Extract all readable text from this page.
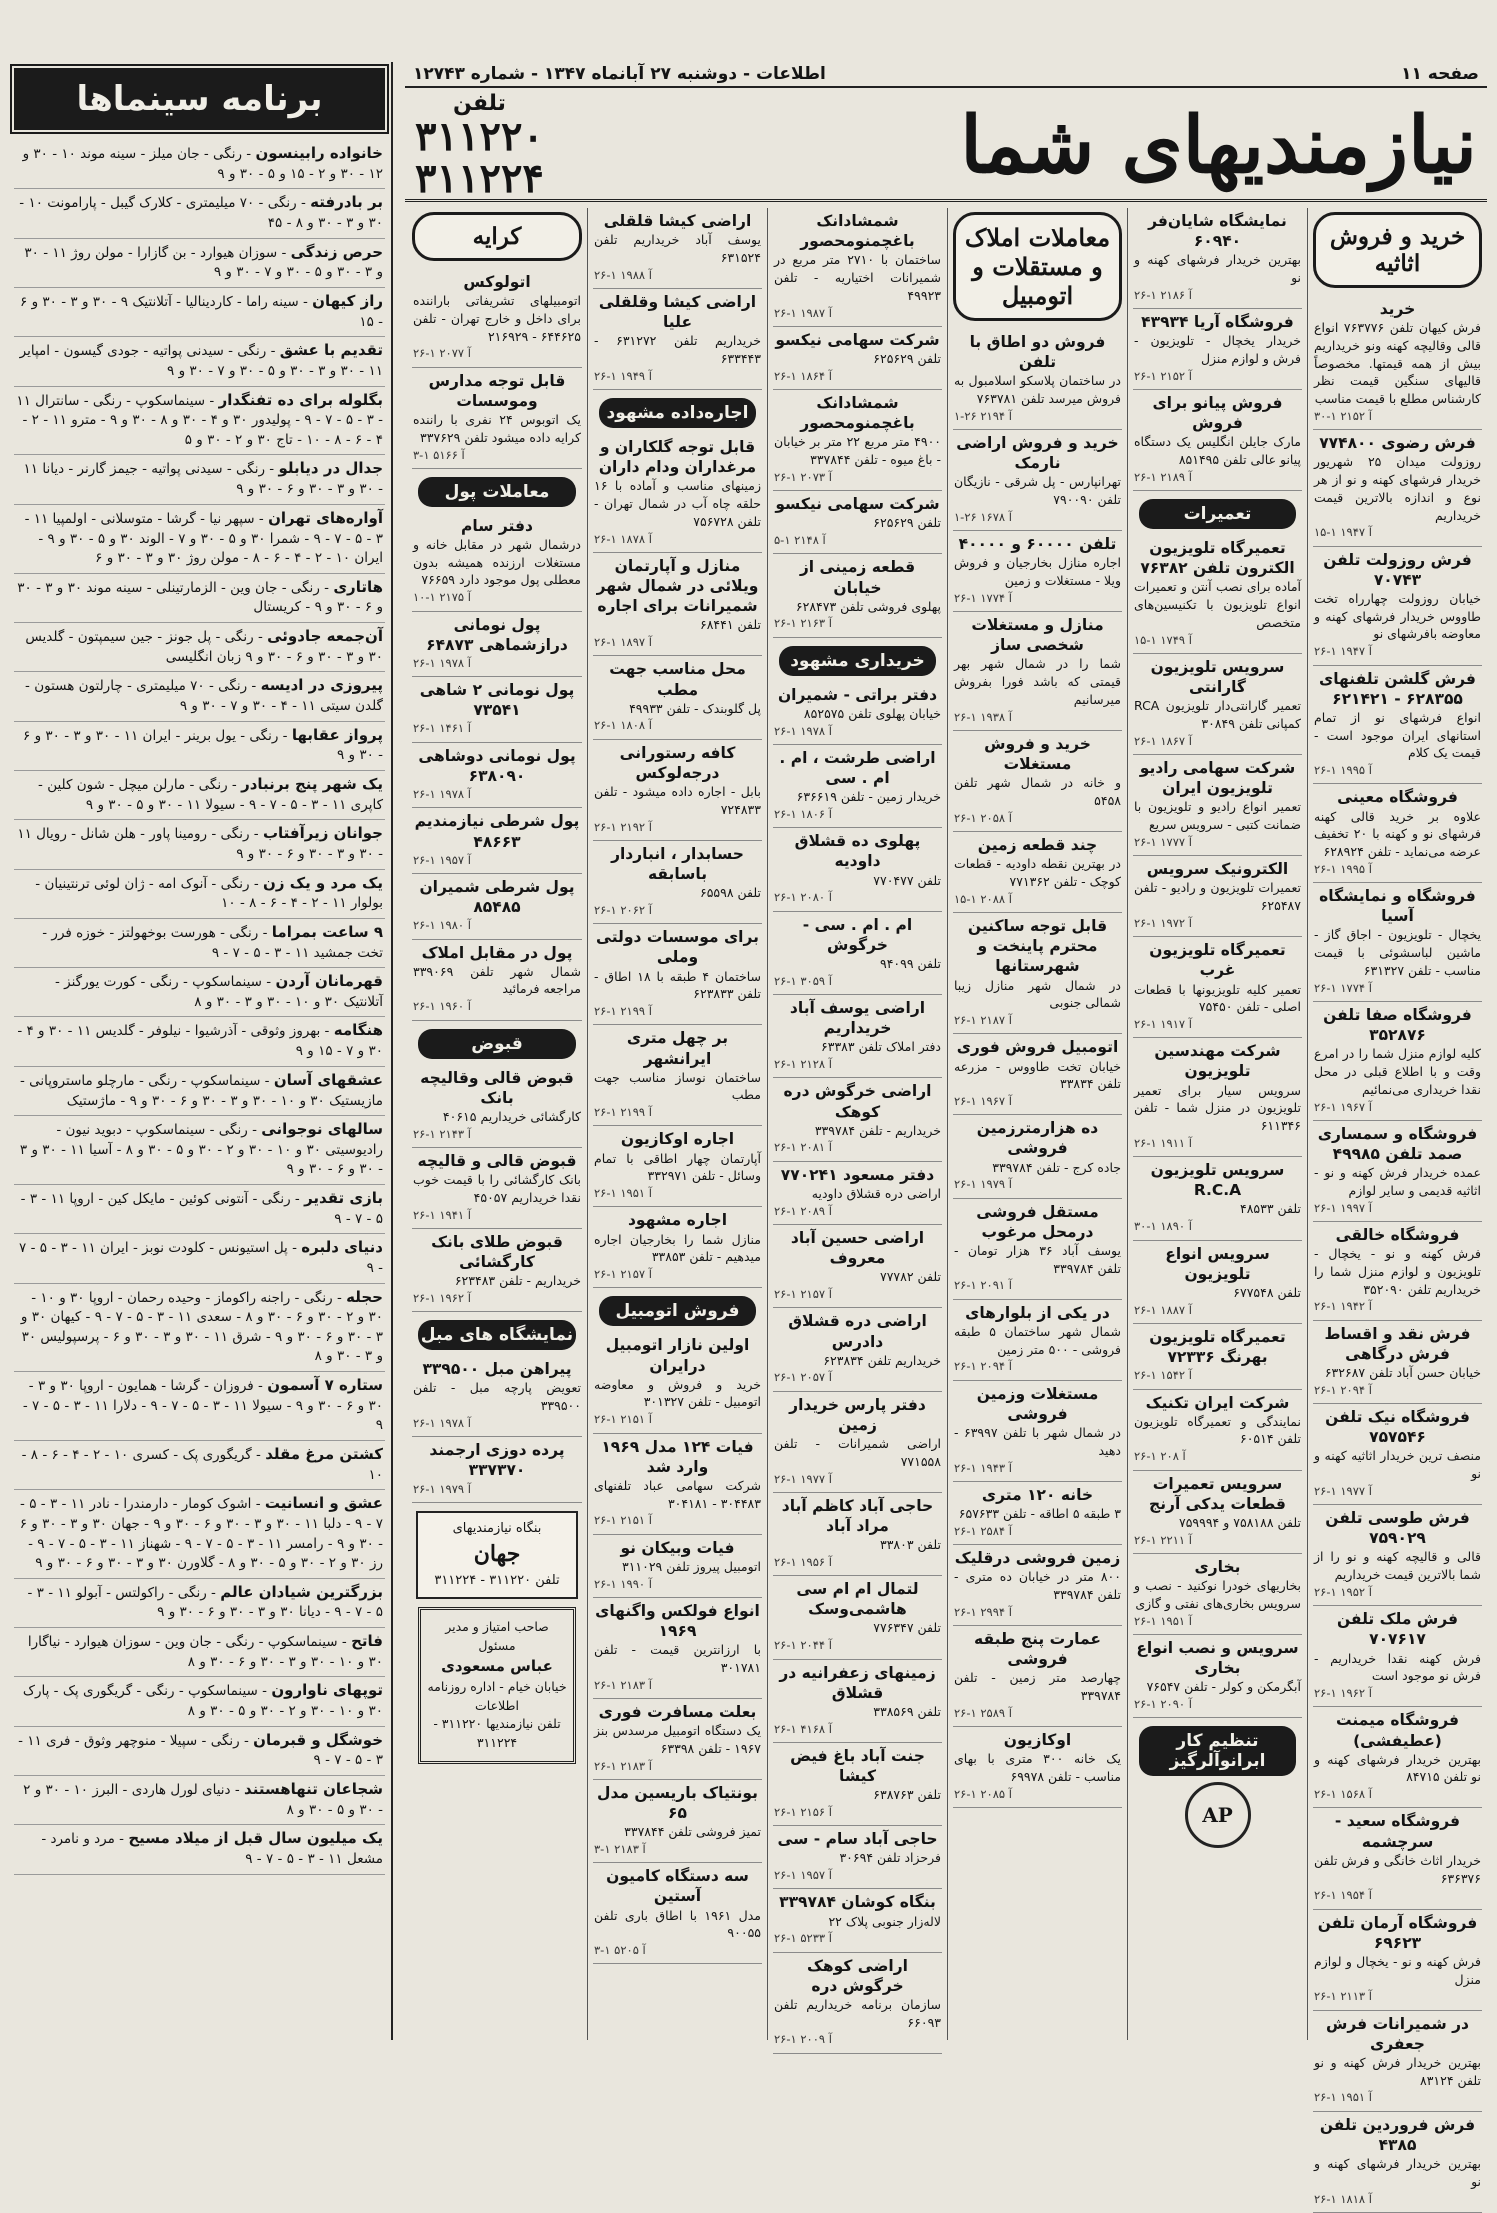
صفحه ۱۱
اطلاعات - دوشنبه ۲۷ آبانماه ۱۳۴۷ - شماره ۱۲۷۴۳
نیازمندیهای شما
تلفن
۳۱۱۲۲۰
۳۱۱۲۲۴
خرید و فروش اثاثیه
خرید
فرش کیهان تلفن ۷۶۳۷۷۶ انواع قالی وقالیچه کهنه ونو خریداریم بیش از همه قیمتها. مخصوصاً قالیهای سنگین قیمت نظر کارشناس مطلع با قیمت مناسب
۳۰-۱ آ ۲۱۵۲
فرش رضوی ۷۷۴۸۰۰
روزولت میدان ۲۵ شهریور خریدار فرشهای کهنه و نو از هر نوع و اندازه بالاترین قیمت خریداریم
۱۵-۱ آ ۱۹۴۷
فرش روزولت تلفن ۷۰۷۴۳
خیابان روزولت چهارراه تخت طاووس خریدار فرشهای کهنه و معاوضه بافرشهای نو
۲۶-۱ آ ۱۹۴۷
فرش گلشن تلفنهای ۶۲۸۳۵۵ - ۶۲۱۴۲۱
انواع فرشهای نو از تمام استانهای ایران موجود است - قیمت یک کلام
۲۶-۱ آ ۱۹۹۵
فروشگاه معینی
علاوه بر خرید قالی کهنه فرشهای نو و کهنه با ۲۰ تخفیف عرضه می‌نماید - تلفن ۶۲۸۹۲۴
۲۶-۱ آ ۱۹۹۵
فروشگاه و نمایشگاه آسیا
یخچال - تلویزیون - اجاق گاز - ماشین لباسشوئی با قیمت مناسب - تلفن ۶۳۱۳۲۷
۲۶-۱ آ ۱۷۷۴
فروشگاه صفا تلفن ۳۵۲۸۷۶
کلیه لوازم منزل شما را در امرع وقت و با اطلاع قبلی در محل نقدا خریداری می‌نمائیم
۲۶-۱ آ ۱۹۶۷
فروشگاه و سمساری صمد تلفن ۴۹۹۸۵
عمده خریدار فرش کهنه و نو - اثاثیه قدیمی و سایر لوازم
۲۶-۱ آ ۱۹۹۷
فروشگاه خالقی
فرش کهنه و نو - یخچال - تلویزیون و لوازم منزل شما را خریداریم تلفن ۳۵۲۰۹۰
۲۶-۱ آ ۱۹۴۲
فرش نقد و اقساط فرش درگاهی
خیابان حسن آباد تلفن ۶۳۲۶۸۷
۲۶-۱ آ ۲۰۹۴
فروشگاه نیک تلفن ۷۵۷۵۴۶
منصف ترین خریدار اثاثیه کهنه و نو
۲۶-۱ آ ۱۹۷۷
فرش طوسی تلفن ۷۵۹۰۲۹
قالی و قالیچه کهنه و نو را از شما بالاترین قیمت خریداریم
۲۶-۱ آ ۱۹۵۲
فرش ملک تلفن ۷۰۷۶۱۷
فرش کهنه نقدا خریداریم - فرش نو موجود است
۲۶-۱ آ ۱۹۶۲
فروشگاه میمنت (عطیفشی)
بهترین خریدار فرشهای کهنه و نو تلفن ۸۴۷۱۵
۲۶-۱ آ ۱۵۶۸
فروشگاه سعید - سرچشمه
خریدار اثاث خانگی و فرش تلفن ۶۳۶۳۷۶
۲۶-۱ آ ۱۹۵۴
فروشگاه آرمان تلفن ۶۹۶۲۳
فرش کهنه و نو - یخچال و لوازم منزل
۲۶-۱ آ ۲۱۱۳
در شمیرانات فرش جعفری
بهترین خریدار فرش کهنه و نو تلفن ۸۳۱۲۴
۲۶-۱ آ ۱۹۵۱
فرش فروردین تلفن ۴۳۸۵
بهترین خریدار فرشهای کهنه و نو
۲۶-۱ آ ۱۸۱۸
نمایشگاه شایان‌فر ۶۰۹۴۰
بهترین خریدار فرشهای کهنه و نو
۲۶-۱ آ ۲۱۸۶
فروشگاه آریا ۴۳۹۳۴
خریدار یخچال - تلویزیون - فرش و لوازم منزل
۲۶-۱ آ ۲۱۵۲
فروش پیانو برای فروش
مارک جایلن انگلیس یک دستگاه پیانو عالی تلفن ۸۵۱۴۹۵
۲۶-۱ آ ۲۱۸۹
تعمیرات
تعمیرگاه تلویزیون الکترون تلفن ۷۶۳۸۲
آماده برای نصب آنتن و تعمیرات انواع تلویزیون با تکنیسین‌های متخصص
۱۵-۱ آ ۱۷۴۹
سرویس تلویزیون گارانتی
تعمیر گارانتی‌دار تلویزیون RCA کمپانی تلفن ۳۰۸۴۹
۲۶-۱ آ ۱۸۶۷
شرکت سهامی رادیو تلویزیون ایران
تعمیر انواع رادیو و تلویزیون با ضمانت کتبی - سرویس سریع
۲۶-۱ آ ۱۷۷۷
الکترونیک سرویس
تعمیرات تلویزیون و رادیو - تلفن ۶۲۵۴۸۷
۲۶-۱ آ ۱۹۷۲
تعمیرگاه تلویزیون غرب
تعمیر کلیه تلویزیونها با قطعات اصلی - تلفن ۷۵۴۵۰
۲۶-۱ آ ۱۹۱۷
شرکت مهندسین تلویزیون
سرویس سیار برای تعمیر تلویزیون در منزل شما - تلفن ۶۱۱۳۴۶
۲۶-۱ آ ۱۹۱۱
سرویس تلویزیون R.C.A
تلفن ۴۸۵۳۳
۳۰-۱ آ ۱۸۹۰
سرویس انواع تلویزیون
تلفن ۶۷۷۵۴۸
۲۶-۱ آ ۱۸۸۷
تعمیرگاه تلویزیون بهرنگ ۷۲۳۳۶
۲۶-۱ آ ۱۵۴۲
شرکت ایران تکنیک
نمایندگی و تعمیرگاه تلویزیون تلفن ۶۰۵۱۴
۲۶-۱ آ ۲۰۸
سرویس تعمیرات قطعات یدکی آرنج
تلفن ۷۵۸۱۸۸ و ۷۵۹۹۹۴
۲۶-۱ آ ۲۲۱۱
بخاری
بخاریهای خودرا نوکنید - نصب و سرویس بخاری‌های نفتی و گازی
۲۶-۱ آ ۱۹۵۱
سرویس و نصب انواع بخاری
آبگرمکن و کولر - تلفن ۷۶۵۴۷
۲۶-۱ آ ۲۰۹۰
تنظیم کار ابرانوآلرگیز
AP
معاملات املاک و مستقلات و اتومبیل
فروش دو اطاق با تلفن
در ساختمان پلاسکو اسلامبول به فروش میرسد تلفن ۷۶۳۷۸۱
۱-۲۶ آ ۲۱۹۴
خرید و فروش اراضی نارمک
تهرانپارس - پل شرقی - نازیگان تلفن ۷۹۰۰۹۰
۱-۲۶ آ ۱۶۷۸
تلفن ۶۰۰۰۰ و ۴۰۰۰۰
اجاره منازل بخارجیان و فروش ویلا - مستغلات و زمین
۲۶-۱ آ ۱۷۷۴
منازل و مستغلات شخصی ساز
شما را در شمال شهر بهر قیمتی که باشد فورا بفروش میرسانیم
۲۶-۱ آ ۱۹۳۸
خرید و فروش مستغلات
و خانه در شمال شهر تلفن ۵۴۵۸
۲۶-۱ آ ۲۰۵۸
چند قطعه زمین
در بهترین نقطه داودیه - قطعات کوچک - تلفن ۷۷۱۳۶۲
۱۵-۱ آ ۲۰۸۸
قابل توجه ساکنین محترم پاینخت و شهرستانها
در شمال شهر منازل زیبا شمالی جنوبی
۲۶-۱ آ ۲۱۸۷
اتومبیل فروش فوری
خیابان تخت طاووس - مزرعه تلفن ۳۳۸۳۴
۲۶-۱ آ ۱۹۶۷
ده هزارمترزمین فروشی
جاده کرج - تلفن ۳۳۹۷۸۴
۲۶-۱ آ ۱۹۷۹
مستقل فروشی درمحل مرغوب
یوسف آباد ۳۶ هزار تومان - تلفن ۳۳۹۷۸۴
۲۶-۱ آ ۲۰۹۱
در یکی از بلوارهای
شمال شهر ساختمان ۵ طبقه فروشی - ۵۰۰ متر زمین
۲۶-۱ آ ۲۰۹۴
مستغلات وزمین فروشی
در شمال شهر با تلفن ۶۳۹۹۷ - دهید
۲۶-۱ آ ۱۹۴۳
خانه ۱۲۰ متری
۳ طبقه ۵ اطاقه - تلفن ۶۵۷۶۳۳
۲۶-۱ آ ۲۵۸۴
زمین فروشی درقلیک
۸۰۰ متر در خیابان ده متری - تلفن ۳۳۹۷۸۴
۲۶-۱ آ ۲۹۹۴
عمارت پنج طبقه فروشی
چهارصد متر زمین - تلفن ۳۳۹۷۸۴
۲۶-۱ آ ۲۵۸۹
اوکازیون
یک خانه ۳۰۰ متری با بهای مناسب - تلفن ۶۹۹۷۸
۲۶-۱ آ ۲۰۸۵
شمشادانک باغچمنومحصور
ساختمان با ۲۷۱۰ متر مربع در شمیرانات اختیاریه - تلفن ۴۹۹۲۳
۲۶-۱ آ ۱۹۸۷
شرکت سهامی نیکسو
تلفن ۶۲۵۶۲۹
۲۶-۱ آ ۱۸۶۴
شمشادانک باغچمنومحصور
۴۹۰۰ متر مربع ۲۲ متر بر خیابان - باغ میوه - تلفن ۳۳۷۸۴۴
۲۶-۱ آ ۲۰۷۳
شرکت سهامی نیکسو
تلفن ۶۲۵۶۲۹
۵-۱ آ ۲۱۴۸
قطعه زمینی از خیابان
پهلوی فروشی تلفن ۶۲۸۴۷۳
۲۶-۱ آ ۲۱۶۳
خریداری مشهود
دفتر براتی - شمیران
خیابان پهلوی تلفن ۸۵۲۵۷۵
۲۶-۱ آ ۱۹۷۸
اراضی طرشت ، ام . ام . سی
خریدار زمین - تلفن ۶۳۶۶۱۹
۲۶-۱ آ ۱۸۰۶
پهلوی ده قشلاق داودیه
تلفن ۷۷۰۴۷۷
۲۶-۱ آ ۲۰۸۰
ام . ام . سی - خرگوش
تلفن ۹۴۰۹۹
۲۶-۱ آ ۳۰۵۹
اراضی یوسف آباد خریداریم
دفتر املاک تلفن ۶۳۳۸۳
۲۶-۱ آ ۲۱۲۸
اراضی خرگوش دره کوهک
خریداریم - تلفن ۳۳۹۷۸۴
۲۶-۱ آ ۲۰۸۱
دفتر مسعود ۷۷۰۲۴۱
اراضی دره قشلاق داودیه
۲۶-۱ آ ۲۰۸۹
اراضی حسین آباد معروف
تلفن ۷۷۷۸۲
۲۶-۱ آ ۲۱۵۷
اراضی دره قشلاق دادرس
خریداریم تلفن ۶۲۳۸۳۴
۲۶-۱ آ ۲۰۵۷
دفتر پارس خریدار زمین
اراضی شمیرانات - تلفن ۷۷۱۵۵۸
۲۶-۱ آ ۱۹۷۷
حاجی آباد کاظم آباد مراد آباد
تلفن ۳۳۸۰۳
۲۶-۱ آ ۱۹۵۶
لتمال ام ام سی هاشمی‌وسک
تلفن ۷۷۶۳۴۷
۲۶-۱ آ ۲۰۴۴
زمینهای زعفرانیه در قشلاق
تلفن ۳۳۸۵۶۹
۲۶-۱ آ ۴۱۶۸
جنت آباد باغ فیض کیشا
تلفن ۶۳۸۷۶۳
۲۶-۱ آ ۲۱۵۶
حاجی آباد سام - سی
فرحزاد تلفن ۳۰۶۹۴
۲۶-۱ آ ۱۹۵۷
بنگاه کوشان ۳۳۹۷۸۴
لاله‌زار جنوبی پلاک ۲۲
۲۶-۱ آ ۵۲۳۳
اراضی کوهک خرگوش دره
سازمان برنامه خریداریم تلفن ۶۶۰۹۳
۲۶-۱ آ ۲۰۰۹
اراضی کیشا قلقلی
یوسف آباد خریداریم تلفن ۶۳۱۵۲۴
۲۶-۱ آ ۱۹۸۸
اراضی کیشا وقلقلی علیا
خریداریم تلفن ۶۳۱۲۷۲ - ۶۳۳۴۴۳
۲۶-۱ آ ۱۹۴۹
اجاره‌داده مشهود
قابل توجه گلکاران و مرغداران ودام داران
زمینهای مناسب و آماده با ۱۶ حلقه چاه آب در شمال تهران - تلفن ۷۵۶۷۲۸
۲۶-۱ آ ۱۸۷۸
منازل و آپارتمان ویلائی در شمال شهر شمیرانات برای اجاره
تلفن ۶۸۴۴۱
۲۶-۱ آ ۱۸۹۷
محل مناسب جهت مطب
پل گلوبندک - تلفن ۴۹۹۳۳
۲۶-۱ آ ۱۸۰۸
کافه رستورانی درجه‌لوکس
بابل - اجاره داده میشود - تلفن ۷۲۴۸۳۳
۲۶-۱ آ ۲۱۹۲
حسابدار ، انباردار باسابقه
تلفن ۶۵۵۹۸
۲۶-۱ آ ۲۰۶۲
برای موسسات دولتی وملی
ساختمان ۴ طبقه با ۱۸ اطاق - تلفن ۶۲۳۸۳۳
۲۶-۱ آ ۲۱۹۹
بر چهل متری ایرانشهر
ساختمان نوساز مناسب جهت مطب
۲۶-۱ آ ۲۱۹۹
اجاره اوکازیون
آپارتمان چهار اطاقی با تمام وسائل - تلفن ۳۳۲۹۷۱
۲۶-۱ آ ۱۹۵۱
اجاره مشهود
منازل شما را بخارجیان اجاره میدهیم - تلفن ۳۳۸۵۳
۲۶-۱ آ ۲۱۵۷
فروش اتومبیل
اولین نازار اتومبیل درایران
خرید و فروش و معاوضه اتومبیل - تلفن ۳۰۱۳۲۷
۲۶-۱ آ ۲۱۵۱
فیات ۱۲۴ مدل ۱۹۶۹ وارد شد
شرکت سهامی عباد تلفنهای ۳۰۴۴۸۳ - ۳۰۴۱۸۱
۲۶-۱ آ ۲۱۵۱
فیات وبیکان نو
اتومبیل پیروز تلفن ۳۱۱۰۲۹
۲۶-۱ آ ۱۹۹۰
انواع فولکس واگنهای ۱۹۶۹
با ارزانترین قیمت - تلفن ۳۰۱۷۸۱
۲۶-۱ آ ۲۱۸۳
بعلت مسافرت فوری
یک دستگاه اتومبیل مرسدس بنز ۱۹۶۷ - تلفن ۶۳۳۹۸
۲۶-۱ آ ۲۱۸۳
بونتیاک باریسین مدل ۶۵
تمیز فروشی تلفن ۳۳۷۸۴۴
۳-۱ آ ۲۱۸۳
سه دستگاه کامیون آستین
مدل ۱۹۶۱ با اطاق باری تلفن ۹۰۰۵۵
۳-۱ آ ۵۲۰۵
کرایه
اتولوکس
اتومبیلهای تشریفاتی باراننده برای داخل و خارج تهران - تلفن ۶۴۴۶۲۵ - ۲۱۶۹۲۹
۲۶-۱ آ ۲۰۷۷
قابل توجه مدارس وموسسات
یک اتوبوس ۲۴ نفری با راننده کرایه داده میشود تلفن ۳۳۷۶۲۹
۳-۱ آ ۵۱۶۶
معاملات پول
دفتر سام
درشمال شهر در مقابل خانه و مستغلات ارزنده همیشه بدون معطلی پول موجود دارد ۷۶۶۵۹
۱۰-۱ آ ۲۱۷۵
پول نومانی درازشماهی ۶۴۸۷۳
۲۶-۱ آ ۱۹۷۸
پول نومانی ۲ شاهی ۷۳۵۴۱
۲۶-۱ آ ۱۴۶۱
پول نومانی دوشاهی ۶۳۸۰۹۰
۲۶-۱ آ ۱۹۷۸
پول شرطی نیازمندیم ۴۸۶۶۳
۲۶-۱ آ ۱۹۵۷
پول شرطی شمیران ۸۵۴۸۵
۲۶-۱ آ ۱۹۸۰
پول در مقابل املاک
شمال شهر تلفن ۳۳۹۰۶۹ مراجعه فرمائید
۲۶-۱ آ ۱۹۶۰
قبوض
قبوض قالی وقالیچه بانک
کارگشائی خریداریم ۴۰۶۱۵
۲۶-۱ آ ۲۱۴۳
قبوض قالی و قالیچه
بانک کارگشائی را با قیمت خوب نقدا خریداریم ۴۵۰۵۷
۲۶-۱ آ ۱۹۴۱
قبوض طلای بانک کارگشائی
خریداریم - تلفن ۶۲۳۴۸۳
۲۶-۱ آ ۱۹۶۲
نمایشگاه های مبل
پیراهن مبل ۳۳۹۵۰۰
تعویض پارچه مبل - تلفن ۳۳۹۵۰۰
۲۶-۱ آ ۱۹۷۸
پرده دوزی ارجمند ۳۳۷۳۷۰
۲۶-۱ آ ۱۹۷۹
بنگاه نیازمندیهای
جهان
تلفن ۳۱۱۲۲۰ - ۳۱۱۲۲۴
صاحب امتیاز و مدیر مسئول
عباس مسعودی
خیابان خیام - اداره روزنامه اطلاعات
تلفن نیازمندیها ۳۱۱۲۲۰ - ۳۱۱۲۲۴
برنامه سینماها
خانواده رابینسون - رنگی - جان میلز - سینه موند ۱۰ - ۳۰ و ۱۲ - ۳۰ و ۲ - ۱۵ و ۵ - ۳۰ و ۹
بر بادرفته - رنگی - ۷۰ میلیمتری - کلارک گیبل - پارامونت ۱۰ - ۳۰ و ۳ - ۳۰ و ۸ - ۴۵
حرص زندگی - سوزان هیوارد - بن گازارا - مولن روژ ۱۱ - ۳۰ و ۳ - ۳۰ و ۵ - ۳۰ و ۷ - ۳۰ و ۹
راز کیهان - سینه راما - کاردینالیا - آتلانتیک ۹ - ۳۰ و ۳ - ۳۰ و ۶ - ۱۵
تقدیم با عشق - رنگی - سیدنی پواتیه - جودی گیسون - امپایر ۱۱ - ۳۰ و ۳ - ۳۰ و ۵ - ۳۰ و ۷ - ۳۰ و ۹
بگلوله برای ده تفنگدار - سینماسکوپ - رنگی - سانترال ۱۱ - ۳ - ۵ - ۷ - ۹ - پولیدور ۳۰ و ۴ - ۳۰ و ۸ - ۳۰ و ۹ - مترو ۱۱ - ۲ - ۴ - ۶ - ۸ - ۱۰ - تاج ۳۰ و ۲ - ۳۰ و ۵
جدال در دیابلو - رنگی - سیدنی پواتیه - جیمز گارنر - دیانا ۱۱ - ۳۰ و ۳ - ۳۰ و ۶ - ۳۰ و ۹
آواره‌های تهران - سپهر نیا - گرشا - متوسلانی - اولمپیا ۱۱ - ۳ - ۵ - ۷ - ۹ - شمرا ۳۰ و ۵ - ۳۰ و ۷ - الوند ۳۰ و ۵ - ۳۰ و ۹ - ایران ۱۰ - ۲ - ۴ - ۶ - ۸ - مولن روژ ۳۰ و ۳ - ۳۰ و ۶
هاتاری - رنگی - جان وین - الزمارتینلی - سینه موند ۳۰ و ۳ - ۳۰ و ۶ - ۳۰ و ۹ - کریستال
آن‌جمعه جادوئی - رنگی - پل جونز - جین سیمپتون - گلدیس ۳۰ و ۳ - ۳۰ و ۶ - ۳۰ و ۹ زبان انگلیسی
پیروزی در ادیسه - رنگی - ۷۰ میلیمتری - چارلتون هستون - گلدن سیتی ۱۱ - ۴ - ۳۰ و ۷ - ۳۰ و ۹
پرواز عقابها - رنگی - یول برینر - ایران ۱۱ - ۳۰ و ۳ - ۳۰ و ۶ - ۳۰ و ۹
یک شهر پنج برنبادر - رنگی - مارلن میچل - شون کلین - کاپری ۱۱ - ۳ - ۵ - ۷ - ۹ - سیولا ۱۱ - ۳۰ و ۵ - ۳۰ و ۹
جوانان زیرآفتاب - رنگی - رومینا پاور - هلن شانل - رویال ۱۱ - ۳۰ و ۳ - ۳۰ و ۶ - ۳۰ و ۹
یک مرد و یک زن - رنگی - آنوک امه - ژان لوئی ترنتینیان - بولوار ۱۱ - ۲ - ۴ - ۶ - ۸ - ۱۰
۹ ساعت بمراما - رنگی - هورست بوخهولتز - خوزه فرر - تخت جمشید ۱۱ - ۳ - ۵ - ۷ - ۹
قهرمانان آردن - سینماسکوپ - رنگی - کورت یورگنز - آتلانتیک ۳۰ و ۱۰ - ۳۰ و ۳ - ۳۰ و ۸
هنگامه - بهروز وثوقی - آذرشیوا - نیلوفر - گلدیس ۱۱ - ۳۰ و ۴ - ۳۰ و ۷ - ۱۵ و ۹
عشقهای آسان - سینماسکوپ - رنگی - مارچلو ماستروپانی - مازیستیک ۳۰ و ۱۰ - ۳۰ و ۳ - ۳۰ و ۶ - ۳۰ و ۹ - ماژستیک
سالهای نوجوانی - رنگی - سینماسکوپ - دبوید نیون - رادیوسیتی ۳۰ و ۱۰ - ۳۰ و ۲ - ۳۰ و ۵ - ۳۰ و ۸ - آسیا ۱۱ - ۳۰ و ۳ - ۳۰ و ۶ - ۳۰ و ۹
بازی تقدیر - رنگی - آنتونی کوئین - مایکل کین - اروپا ۱۱ - ۳ - ۵ - ۷ - ۹
دنیای دلبره - پل استیونس - کلودت نوبز - ایران ۱۱ - ۳ - ۵ - ۷ - ۹
حجله - رنگی - راجنه راکوماز - وحیده رحمان - اروپا ۳۰ و ۱۰ - ۳۰ و ۲ - ۳۰ و ۶ - ۳۰ و ۸ - سعدی ۱۱ - ۳ - ۵ - ۷ - ۹ - کیهان ۳۰ و ۳ - ۳۰ و ۶ - ۳۰ و ۹ - شرق ۱۱ - ۳۰ و ۳ - ۳۰ و ۶ - پرسپولیس ۳۰ و ۳ - ۳۰ و ۸
ستاره ۷ آسمون - فروزان - گرشا - همایون - اروپا ۳۰ و ۳ - ۳۰ و ۶ - ۳۰ و ۹ - سیولا ۱۱ - ۳ - ۵ - ۷ - ۹ - دلارا ۱۱ - ۳ - ۵ - ۷ - ۹
کشتن مرغ مقلد - گریگوری پک - کسری ۱۰ - ۲ - ۴ - ۶ - ۸ - ۱۰
عشق و انسانیت - اشوک کومار - دارمندرا - نادر ۱۱ - ۳ - ۵ - ۷ - ۹ - دلبا ۱۱ - ۳۰ و ۳ - ۳۰ و ۶ - ۳۰ و ۹ - جهان ۳۰ و ۳ - ۳۰ و ۶ - ۳۰ و ۹ - رامسر ۱۱ - ۳ - ۵ - ۷ - ۹ - شهناز ۱۱ - ۳ - ۵ - ۷ - ۹ - رز ۳۰ و ۲ - ۳۰ و ۵ - ۳۰ و ۸ - گلاورن ۳۰ و ۳ - ۳۰ و ۶ - ۳۰ و ۹
بزرگترین شیادان عالم - رنگی - راکولتس - آبولو ۱۱ - ۳ - ۵ - ۷ - ۹ - دیانا ۳۰ و ۳ - ۳۰ و ۶ - ۳۰ و ۹
فاتح - سینماسکوپ - رنگی - جان وین - سوزان هیوارد - نیاگارا ۳۰ و ۱۰ - ۳۰ و ۳ - ۳۰ و ۶ - ۳۰ و ۸
توپهای ناوارون - سینماسکوپ - رنگی - گریگوری پک - پارک ۳۰ و ۱۰ - ۳۰ و ۲ - ۳۰ و ۵ - ۳۰ و ۸
خوشگل و قبرمان - رنگی - سپیلا - منوچهر وثوق - فری ۱۱ - ۳ - ۵ - ۷ - ۹
شجاعان تنهاهستند - دنیای لورل هاردی - البرز ۱۰ - ۳۰ و ۲ - ۳۰ و ۵ - ۳۰ و ۸
یک میلیون سال قبل از میلاد مسیح - مرد و نامرد - مشعل ۱۱ - ۳ - ۵ - ۷ - ۹
